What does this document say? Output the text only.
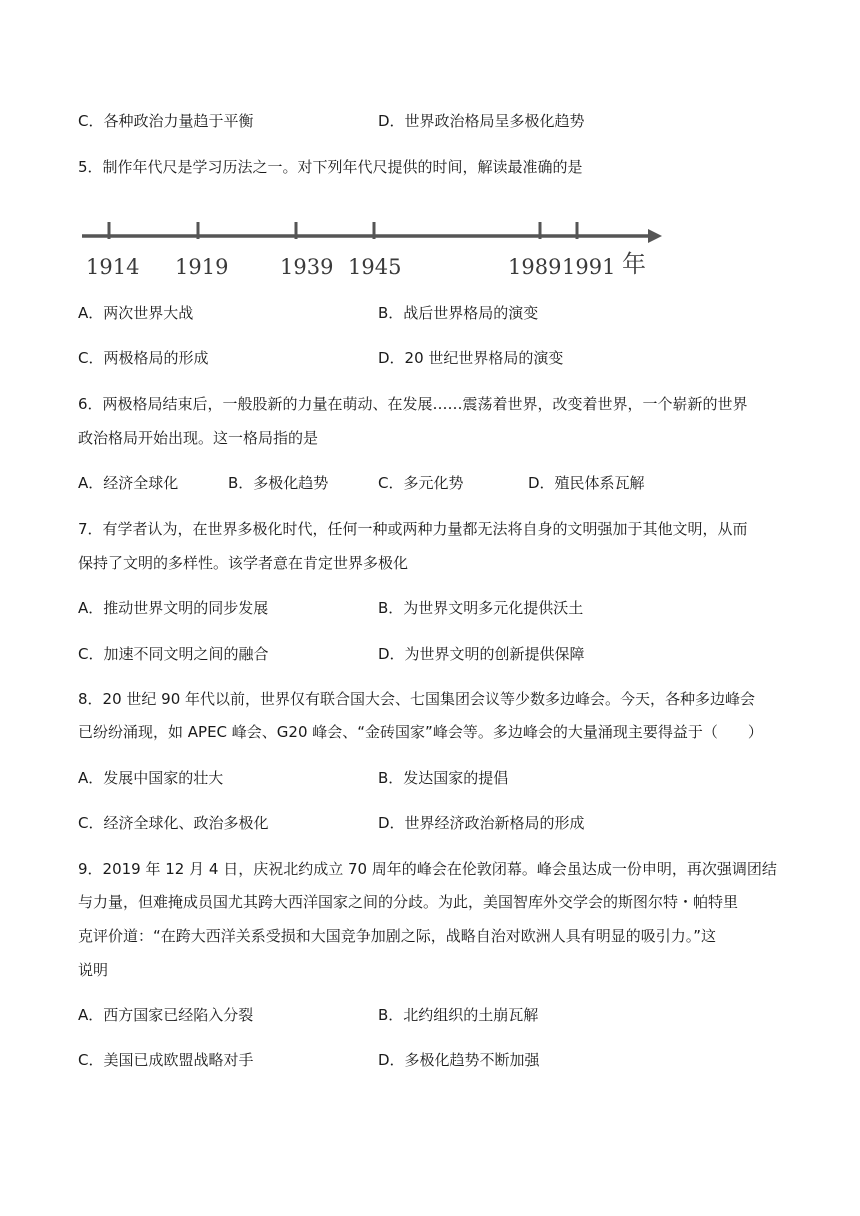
C．各种政治力量趋于平衡	D．世界政治格局呈多极化趋势
5．制作年代尺是学习历法之一。对下列年代尺提供的时间，解读最准确的是
1914 1919 1939 1945	1989 1991 年
A．两次世界大战	B．战后世界格局的演变
C．两极格局的形成	D．20 世纪世界格局的演变
6．两极格局结束后，一般股新的力量在萌动、在发展……震荡着世界，改变着世界，一个崭新的世界
政治格局开始出现。这一格局指的是
A．经济全球化	B．多极化趋势	C．多元化势	D．殖民体系瓦解
7．有学者认为，在世界多极化时代，任何一种或两种力量都无法将自身的文明强加于其他文明，从而
保持了文明的多样性。该学者意在肯定世界多极化
A．推动世界文明的同步发展	B．为世界文明多元化提供沃土
C．加速不同文明之间的融合	D．为世界文明的创新提供保障
8．20 世纪 90 年代以前，世界仅有联合国大会、七国集团会议等少数多边峰会。今天，各种多边峰会
已纷纷涌现，如 APEC 峰会、G20 峰会、“金砖国家”峰会等。多边峰会的大量涌现主要得益于（　　）
A．发展中国家的壮大	B．发达国家的提倡
C．经济全球化、政治多极化	D．世界经济政治新格局的形成
9．2019 年 12 月 4 日，庆祝北约成立 70 周年的峰会在伦敦闭幕。峰会虽达成一份申明，再次强调团结
与力量，但难掩成员国尤其跨大西洋国家之间的分歧。为此，美国智库外交学会的斯图尔特・帕特里
克评价道：“在跨大西洋关系受损和大国竞争加剧之际，战略自治对欧洲人具有明显的吸引力。”这
说明
A．西方国家已经陷入分裂	B．北约组织的土崩瓦解
C．美国已成欧盟战略对手	D．多极化趋势不断加强
